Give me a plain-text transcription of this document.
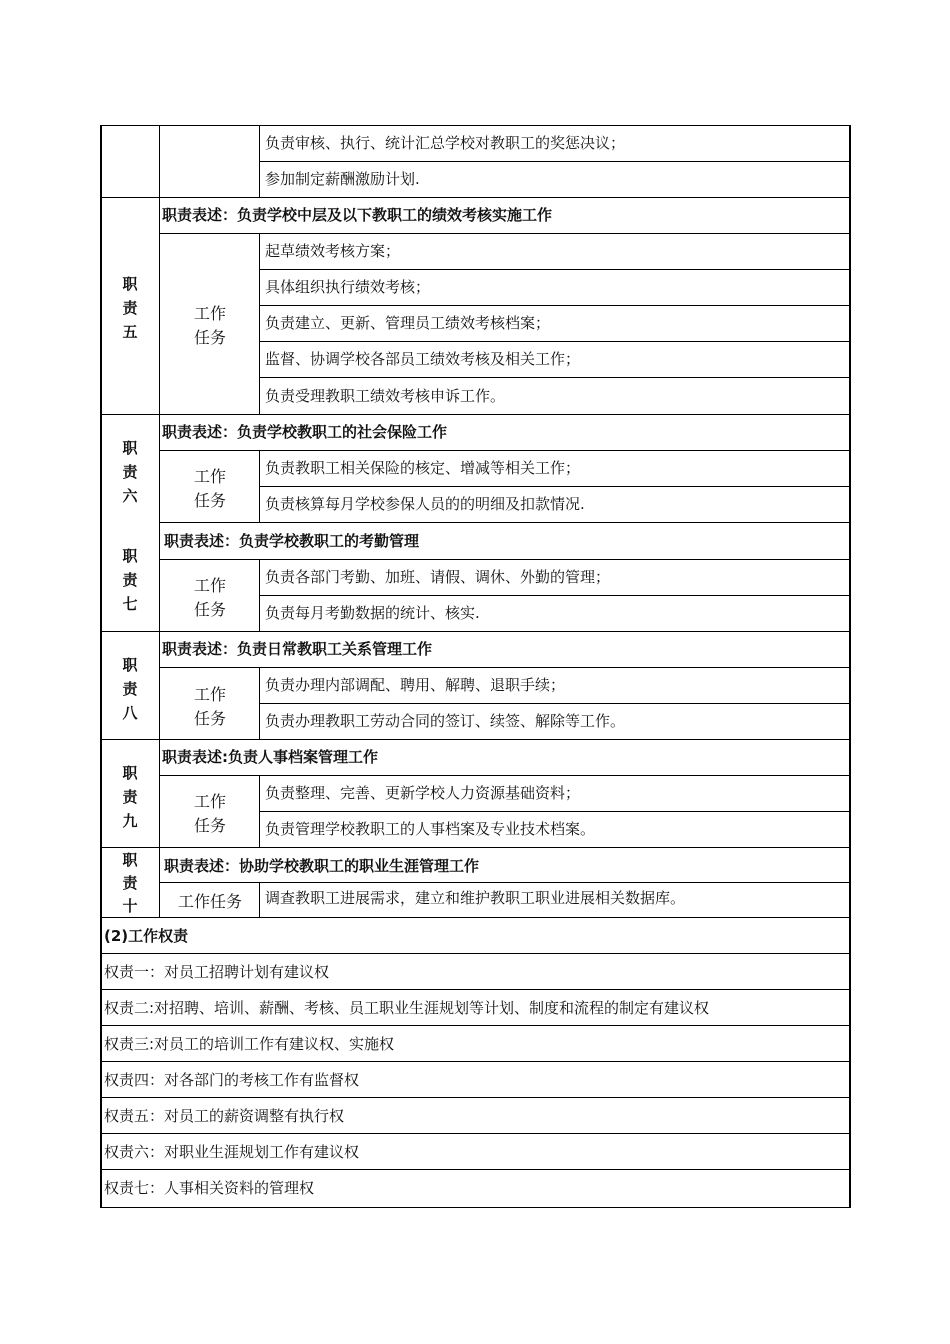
负责审核、执行、统计汇总学校对教职工的奖惩决议；
参加制定薪酬激励计划.
职
责
五
职责表述：负责学校中层及以下教职工的绩效考核实施工作
工作
任务
起草绩效考核方案；
具体组织执行绩效考核；
负责建立、更新、管理员工绩效考核档案；
监督、协调学校各部员工绩效考核及相关工作；
负责受理教职工绩效考核申诉工作。
职
责
六
职责表述：负责学校教职工的社会保险工作
工作
任务
负责教职工相关保险的核定、增减等相关工作；
负责核算每月学校参保人员的的明细及扣款情况.
职
责
七
职责表述：负责学校教职工的考勤管理
工作
任务
负责各部门考勤、加班、请假、调休、外勤的管理；
负责每月考勤数据的统计、核实.
职
责
八
职责表述：负责日常教职工关系管理工作
工作
任务
负责办理内部调配、聘用、解聘、退职手续；
负责办理教职工劳动合同的签订、续签、解除等工作。
职
责
九
职责表述:负责人事档案管理工作
工作
任务
负责整理、完善、更新学校人力资源基础资料；
负责管理学校教职工的人事档案及专业技术档案。
职
责
十
职责表述：协助学校教职工的职业生涯管理工作
工作任务	调查教职工进展需求，建立和维护教职工职业进展相关数据库。
(2)工作权责
权责一：对员工招聘计划有建议权
权责二:对招聘、培训、薪酬、考核、员工职业生涯规划等计划、制度和流程的制定有建议权
权责三:对员工的培训工作有建议权、实施权
权责四：对各部门的考核工作有监督权
权责五：对员工的薪资调整有执行权
权责六：对职业生涯规划工作有建议权
权责七：人事相关资料的管理权
